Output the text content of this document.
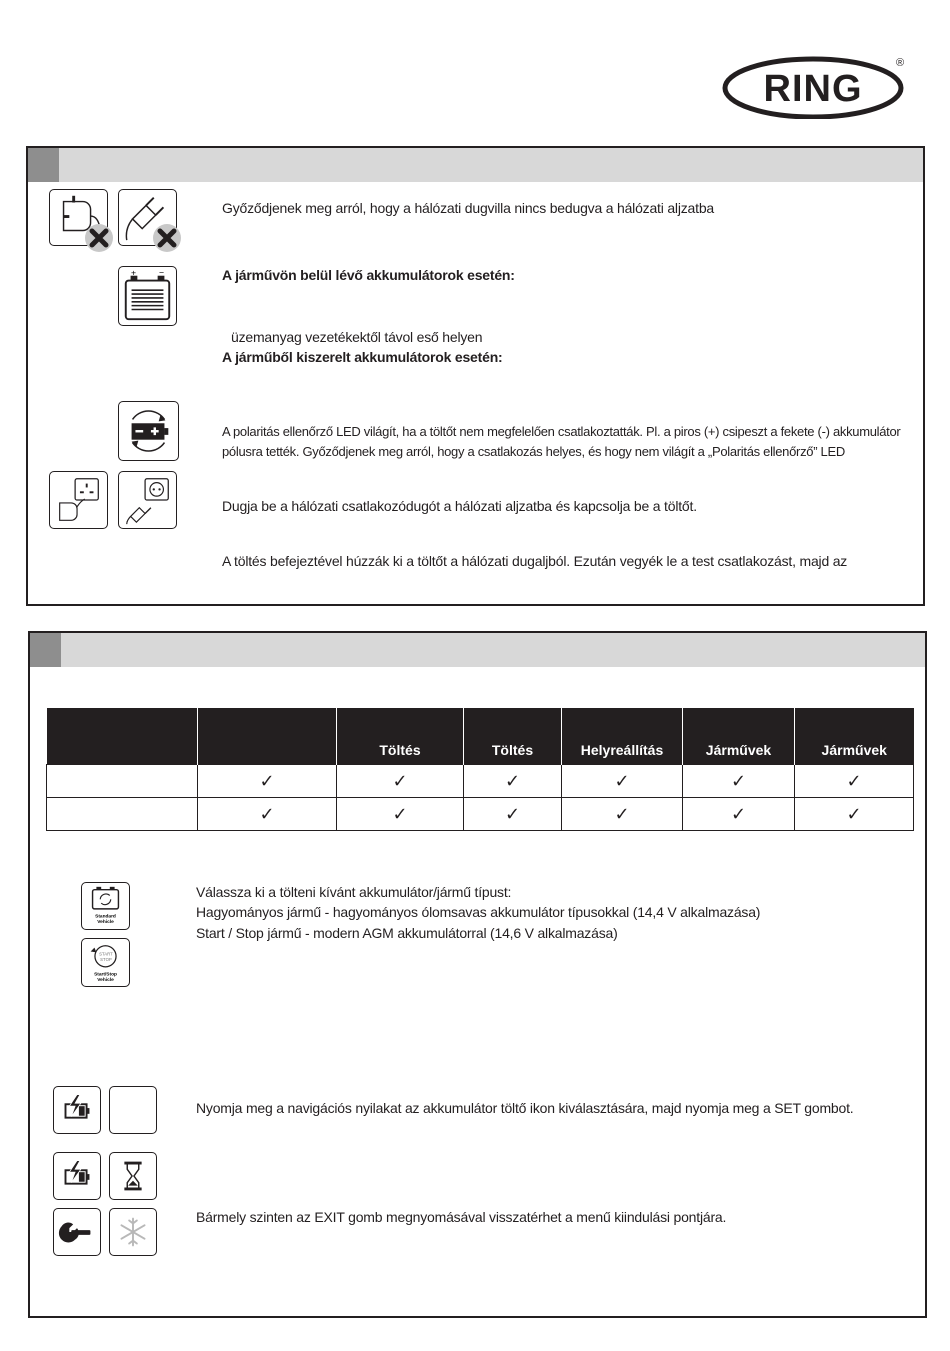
RING
®
+	−
Győződjenek meg arról, hogy a hálózati dugvilla nincs bedugva a hálózati aljzatba
A járművön belül lévő akkumulátorok esetén:
üzemanyag vezetékektől távol eső helyen
A járműből kiszerelt akkumulátorok esetén:
A polaritás ellenőrző LED világít, ha a töltőt nem megfelelően csatlakoztatták. Pl. a piros (+) csipeszt a fekete (-) akkumulátor
pólusra tették. Győződjenek meg arról, hogy a csatlakozás helyes, és hogy nem világít a „Polaritás ellenőrző” LED
Dugja be a hálózati csatlakozódugót a hálózati aljzatba és kapcsolja be a töltőt.
A töltés befejeztével húzzák ki a töltőt a hálózati dugaljból. Ezután vegyék le a test csatlakozást, majd az
		Töltés	Töltés	Helyreállítás	Járművek	Járművek
	✓	✓	✓	✓	✓	✓
	✓	✓	✓	✓	✓	✓
Standard
Vehicle
START
STOP
Start/Stop
Vehicle
Válassza ki a tölteni kívánt akkumulátor/jármű típust:
Hagyományos jármű - hagyományos ólomsavas akkumulátor típusokkal (14,4 V alkalmazása)
Start / Stop jármű - modern AGM akkumulátorral (14,6 V alkalmazása)
Nyomja meg a navigációs nyilakat az akkumulátor töltő ikon kiválasztására, majd nyomja meg a SET gombot.
Bármely szinten az EXIT gomb megnyomásával visszatérhet a menű kiindulási pontjára.
